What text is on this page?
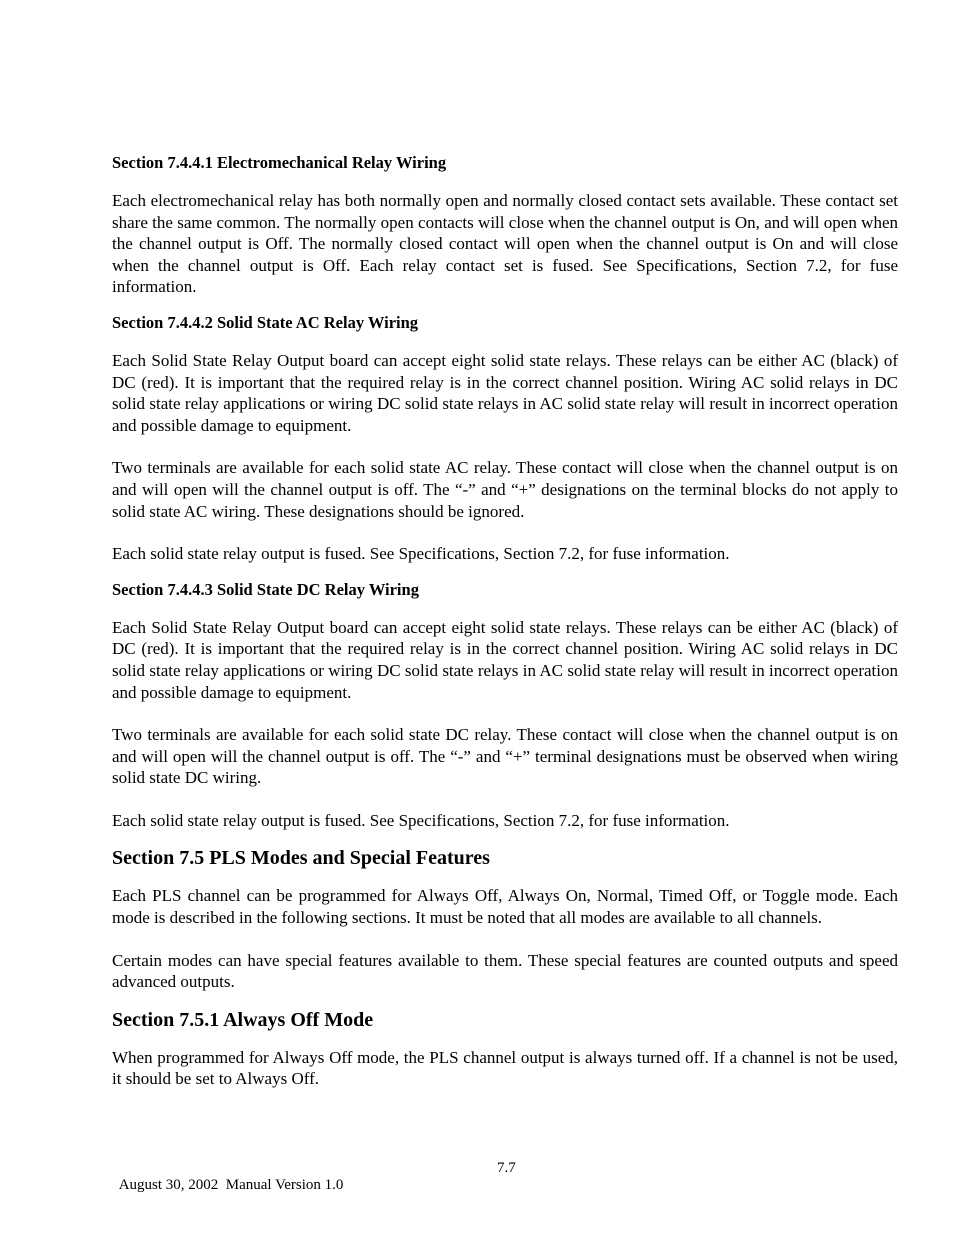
Section 7.4.4.1 Electromechanical Relay Wiring

Each electromechanical relay has both normally open and normally closed contact sets available. These contact set share the same common. The normally open contacts will close when the channel output is On, and will open when the channel output is Off. The normally closed contact will open when the channel output is On and will close when the channel output is Off. Each relay contact set is fused. See Specifications, Section 7.2, for fuse information.

Section 7.4.4.2 Solid State AC Relay Wiring

Each Solid State Relay Output board can accept eight solid state relays. These relays can be either AC (black) of DC (red). It is important that the required relay is in the correct channel position. Wiring AC solid relays in DC solid state relay applications or wiring DC solid state relays in AC solid state relay will result in incorrect operation and possible damage to equipment.

Two terminals are available for each solid state AC relay. These contact will close when the channel output is on and will open will the channel output is off. The “-” and “+” designations on the terminal blocks do not apply to solid state AC wiring. These designations should be ignored.

Each solid state relay output is fused. See Specifications, Section 7.2, for fuse information.

Section 7.4.4.3 Solid State DC Relay Wiring

Each Solid State Relay Output board can accept eight solid state relays. These relays can be either AC (black) of DC (red). It is important that the required relay is in the correct channel position. Wiring AC solid relays in DC solid state relay applications or wiring DC solid state relays in AC solid state relay will result in incorrect operation and possible damage to equipment.

Two terminals are available for each solid state DC relay. These contact will close when the channel output is on and will open will the channel output is off. The “-” and “+” terminal designations must be observed when wiring solid state DC wiring.

Each solid state relay output is fused. See Specifications, Section 7.2, for fuse information.

Section 7.5 PLS Modes and Special Features

Each PLS channel can be programmed for Always Off, Always On, Normal, Timed Off, or Toggle mode. Each mode is described in the following sections. It must be noted that all modes are available to all channels.

Certain modes can have special features available to them. These special features are counted outputs and speed advanced outputs.

Section 7.5.1 Always Off Mode

When programmed for Always Off mode, the PLS channel output is always turned off. If a channel is not be used, it should be set to Always Off.

August 30, 2002  Manual Version 1.0

7.7
